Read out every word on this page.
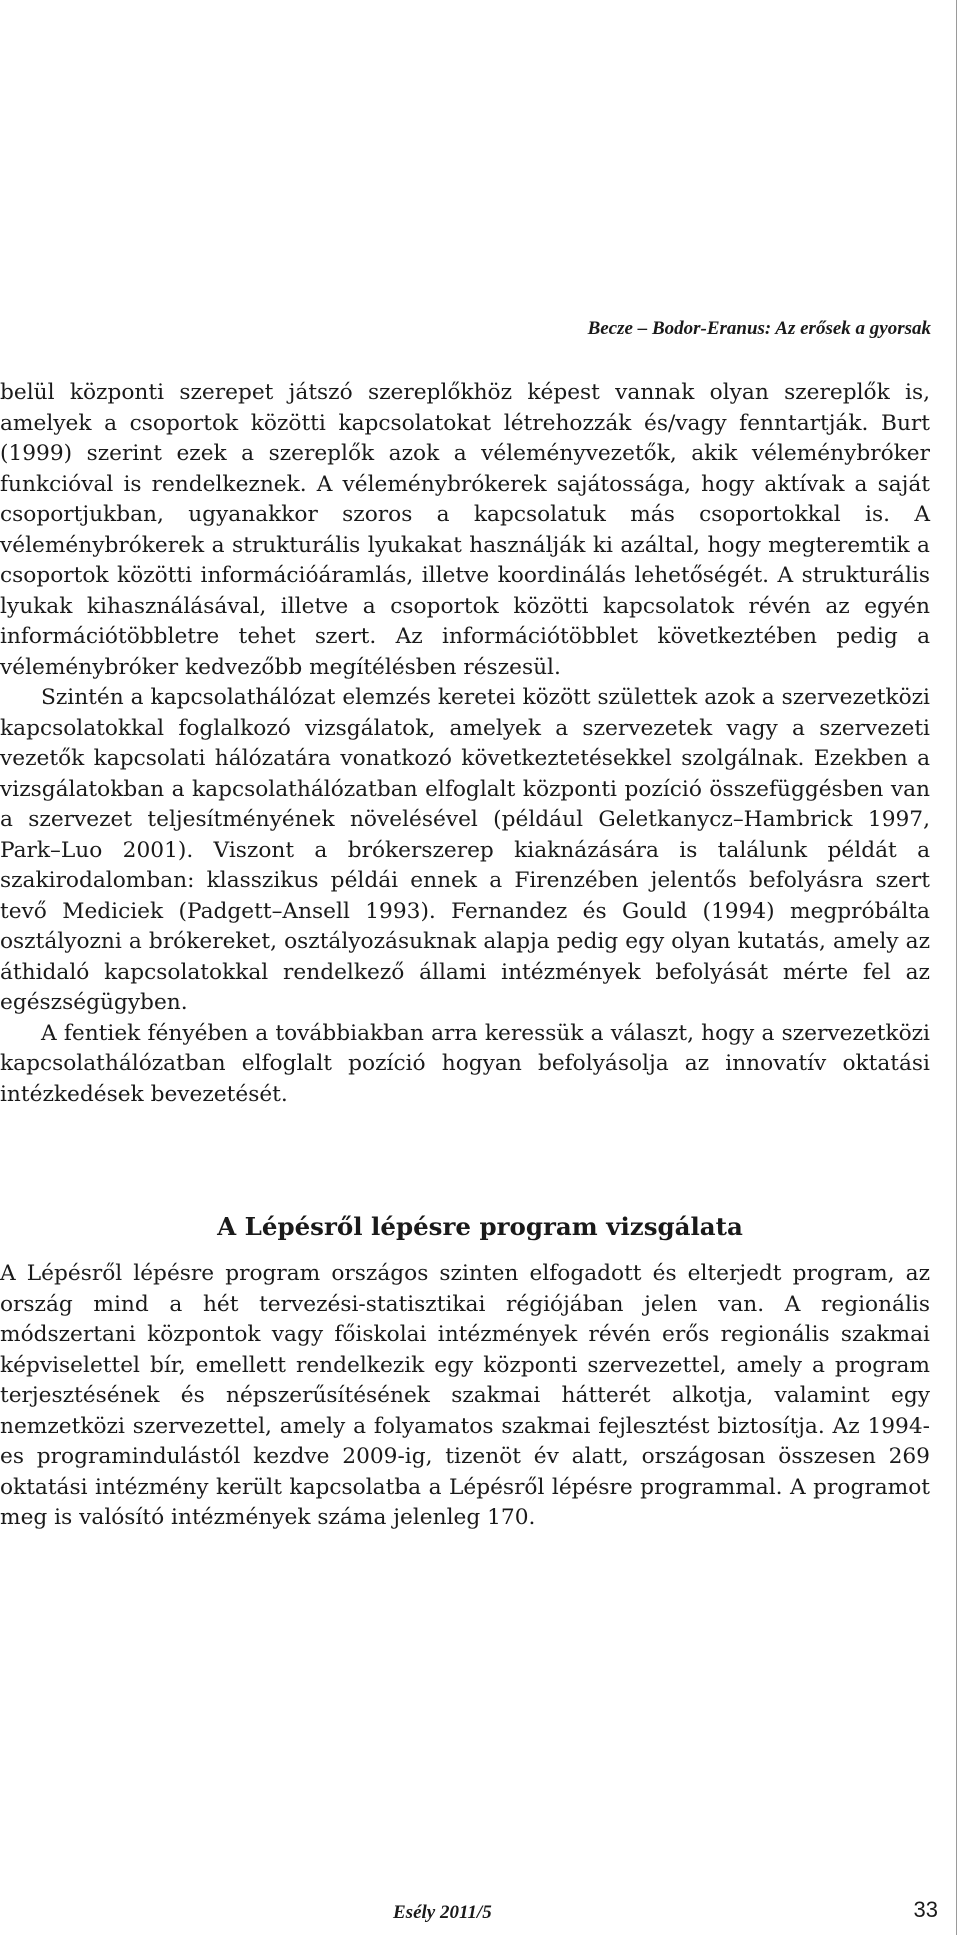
Becze – Bodor-Eranus: Az erősek a gyorsak

belül központi szerepet játszó szereplőkhöz képest vannak olyan szereplők is, amelyek a csoportok közötti kapcsolatokat létrehozzák és/vagy fenntartják. Burt (1999) szerint ezek a szereplők azok a véleményvezetők, akik véleménybróker funkcióval is rendelkeznek. A véleménybrókerek sajátossága, hogy aktívak a saját csoportjukban, ugyanakkor szoros a kapcsolatuk más csoportokkal is. A véleménybrókerek a strukturális lyukakat használják ki azáltal, hogy megteremtik a csoportok közötti információáramlás, illetve koordinálás lehetőségét. A strukturális lyukak kihasználásával, illetve a csoportok közötti kapcsolatok révén az egyén információtöbbletre tehet szert. Az információtöbblet következtében pedig a véleménybróker kedvezőbb megítélésben részesül.

Szintén a kapcsolathálózat elemzés keretei között születtek azok a szervezetközi kapcsolatokkal foglalkozó vizsgálatok, amelyek a szervezetek vagy a szervezeti vezetők kapcsolati hálózatára vonatkozó következtetésekkel szolgálnak. Ezekben a vizsgálatokban a kapcsolathálózatban elfoglalt központi pozíció összefüggésben van a szervezet teljesítményének növelésével (például Geletkanycz–Hambrick 1997, Park–Luo 2001). Viszont a brókerszerep kiaknázására is találunk példát a szakirodalomban: klasszikus példái ennek a Firenzében jelentős befolyásra szert tevő Mediciek (Padgett–Ansell 1993). Fernandez és Gould (1994) megpróbálta osztályozni a brókereket, osztályozásuknak alapja pedig egy olyan kutatás, amely az áthidaló kapcsolatokkal rendelkező állami intézmények befolyását mérte fel az egészségügyben.

A fentiek fényében a továbbiakban arra keressük a választ, hogy a szervezetközi kapcsolathálózatban elfoglalt pozíció hogyan befolyásolja az innovatív oktatási intézkedések bevezetését.

A Lépésről lépésre program vizsgálata

A Lépésről lépésre program országos szinten elfogadott és elterjedt program, az ország mind a hét tervezési-statisztikai régiójában jelen van. A regionális módszertani központok vagy főiskolai intézmények révén erős regionális szakmai képviselettel bír, emellett rendelkezik egy központi szervezettel, amely a program terjesztésének és népszerűsítésének szakmai hátterét alkotja, valamint egy nemzetközi szervezettel, amely a folyamatos szakmai fejlesztést biztosítja. Az 1994-es programindulástól kezdve 2009-ig, tizenöt év alatt, országosan összesen 269 oktatási intézmény került kapcsolatba a Lépésről lépésre programmal. A programot meg is valósító intézmények száma jelenleg 170.

Esély 2011/5	33
